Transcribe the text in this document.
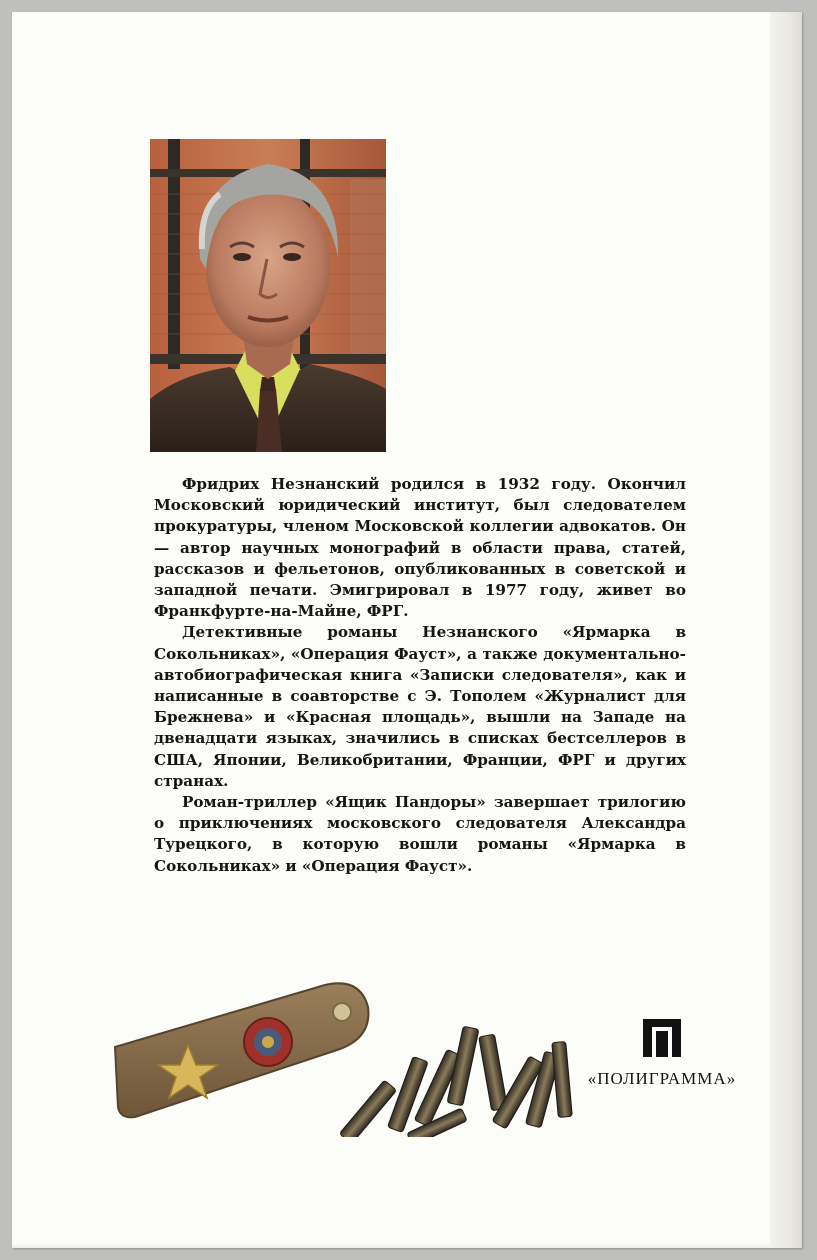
Фридрих Незнанский родился в 1932 году. Окончил Московский юридический институт, был следователем прокуратуры, членом Московской коллегии адвокатов. Он — автор научных монографий в области права, статей, рассказов и фельетонов, опубликованных в советской и западной печати. Эмигрировал в 1977 году, живет во Франкфурте-на-Майне, ФРГ.

Детективные романы Незнанского «Ярмарка в Сокольниках», «Операция Фауст», а также документально-автобиографическая книга «Записки следователя», как и написанные в соавторстве с Э. Тополем «Журналист для Брежнева» и «Красная площадь», вышли на Западе на двенадцати языках, значились в списках бестселлеров в США, Японии, Великобритании, Франции, ФРГ и других странах.

Роман-триллер «Ящик Пандоры» завершает трилогию о приключениях московского следователя Александра Турецкого, в которую вошли романы «Ярмарка в Сокольниках» и «Операция Фауст».

«ПОЛИГРАММА»
